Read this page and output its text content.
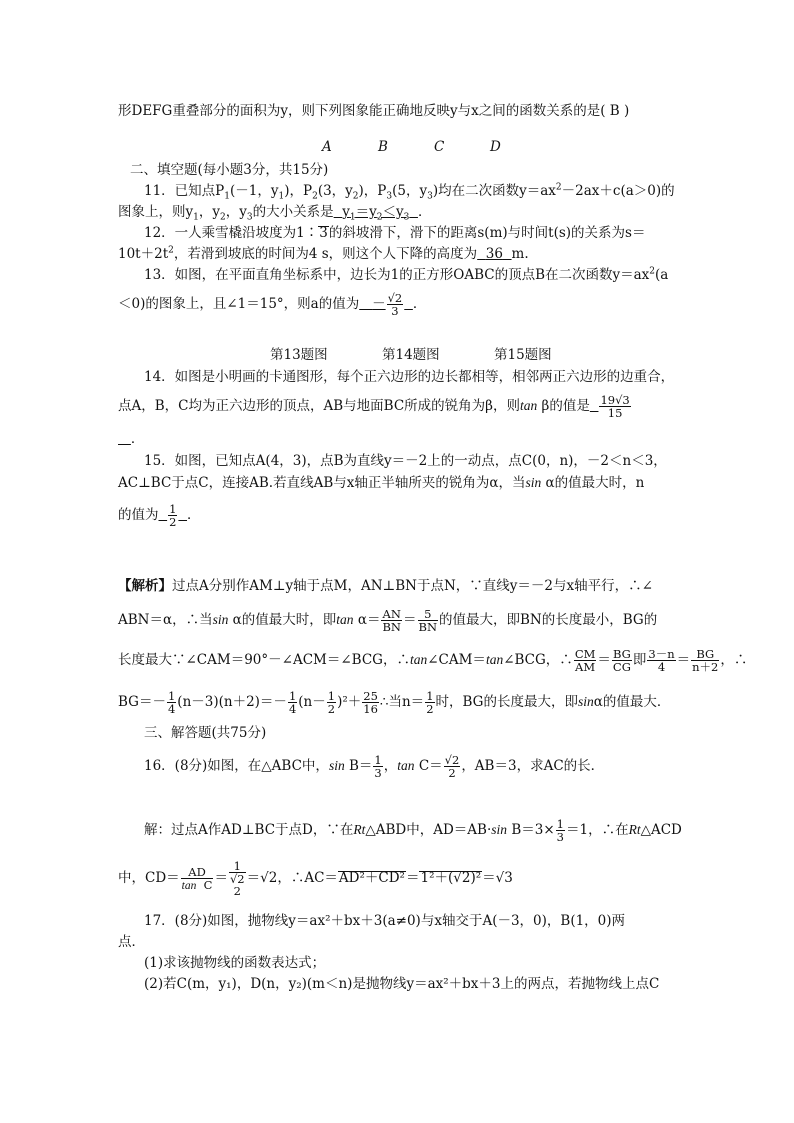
形DEFG重叠部分的面积为y，则下列图象能正确地反映y与x之间的函数关系的是( B )
A	B	C	D
二、填空题(每小题3分，共15分)
11．已知点$P_1(-1$，$y_1$)，$P_2(3$，$y_2$)，$P_3(5$，$y_3$)均在二次函数$y=ax^2-2ax+c(a>0)$的
图象上，则$y_1$，$y_2$，$y_3$的大小关系是 $y_1=y_2<y_3$ ．
12．一人乘雪橇沿坡度为1∶3的斜坡滑下，滑下的距离s(m)与时间t(s)的关系为s＝
$10t+2t^2$，若滑到坡底的时间为4 s，则这个人下降的高度为 36 m.
13．如图，在平面直角坐标系中，边长为1的正方形OABC的顶点B在二次函数$y=ax^2(a$
＜0)的图象上，且∠1＝15°，则a的值为 － $\frac{√2}{3}$ ．
第13题图	第14题图	第15题图
14．如图是小明画的卡通图形，每个正六边形的边长都相等，相邻两正六边形的边重合，
点A，B，C均为正六边形的顶点，AB与地面BC所成的锐角为β，则tan β的值是 $\frac{19√3}{15}$
．
15．如图，已知点A(4，3)，点B为直线y＝－2上的一动点，点C(0，n)，－2＜n＜3，
AC⊥BC于点C，连接AB.若直线AB与x轴正半轴所夹的锐角为α，当sin α的值最大时，n
的值为 $\frac{1}{2}$ ．
【解析】过点A分别作AM⊥y轴于点M，AN⊥BN于点N，∵直线y＝－2与x轴平行，∴∠
ABN＝α，∴当sin α的值最大时，即$\tan \alpha= \frac{AN}{BN} = \frac{5}{BN}$ 的值最大，即BN的长度最小，BG的
长度最大∵∠CAM＝90°－∠ACM＝∠BCG，∴tan∠CAM＝tan∠BCG，∴ $\frac{CM}{AM} = \frac{BG}{CG}$ 即 $\frac{3-n}{4} = \frac{BG}{n+2}$ ，∴
$BG=- \frac{1}{4} (n-3)(n+2)=- \frac{1}{4} (n- \frac{1}{2} )^2+ \frac{25}{16}$ ∴当$n= \frac{1}{2}$ 时，BG的长度最大，即sinα的值最大．
三、解答题(共75分)
16．(8分)如图，在△ABC中，$\sin B= \frac{1}{3}$ ，$\tan C= \frac{√2}{2}$ ，AB＝3，求AC的长．
解：过点A作AD⊥BC于点D，∵在Rt△ABD中，AD＝AB·sin $B=3\times \frac{1}{3} =1$，∴在Rt△ACD
中，$CD= \frac{AD}{\text{tan C}} = 1$
√2
2 ＝√2，∴AC＝AD²＋CD²＝1²＋(√2)²＝√3
17．(8分)如图，抛物线y＝ax²＋bx＋3(a≠0)与x轴交于A(－3，0)，B(1，0)两
点．
(1)求该抛物线的函数表达式；
(2)若C(m，y₁)，D(n，y₂)(m＜n)是抛物线y＝ax²＋bx＋3上的两点，若抛物线上点C
